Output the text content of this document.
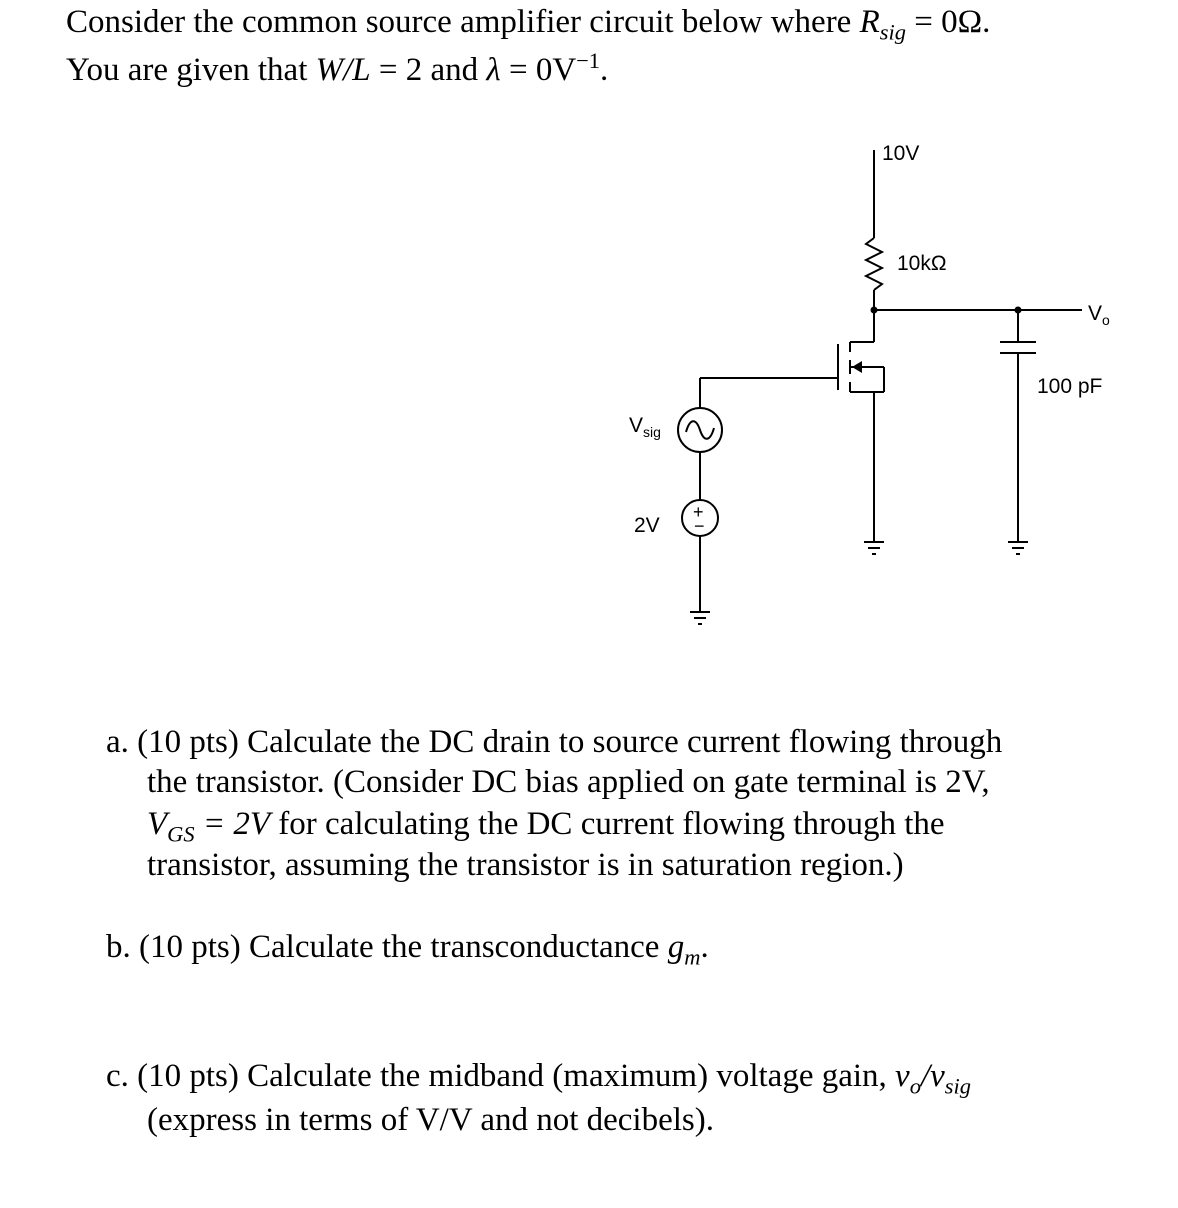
Consider the common source amplifier circuit below where $R_{sig} = 0\Omega$.
You are given that W/L = 2 and $\lambda = 0V^{-1}$.
10V
10kΩ
$V_o$
100 pF
$V_{sig}$
2V
+
−
a. (10 pts) Calculate the DC drain to source current flowing through
the transistor. (Consider DC bias applied on gate terminal is 2V,
$V_{GS} = 2V$ for calculating the DC current flowing through the
transistor, assuming the transistor is in saturation region.)
b. (10 pts) Calculate the transconductance $g_m$.
c. (10 pts) Calculate the midband (maximum) voltage gain, $v_o/v_{sig}$
(express in terms of V/V and not decibels).
